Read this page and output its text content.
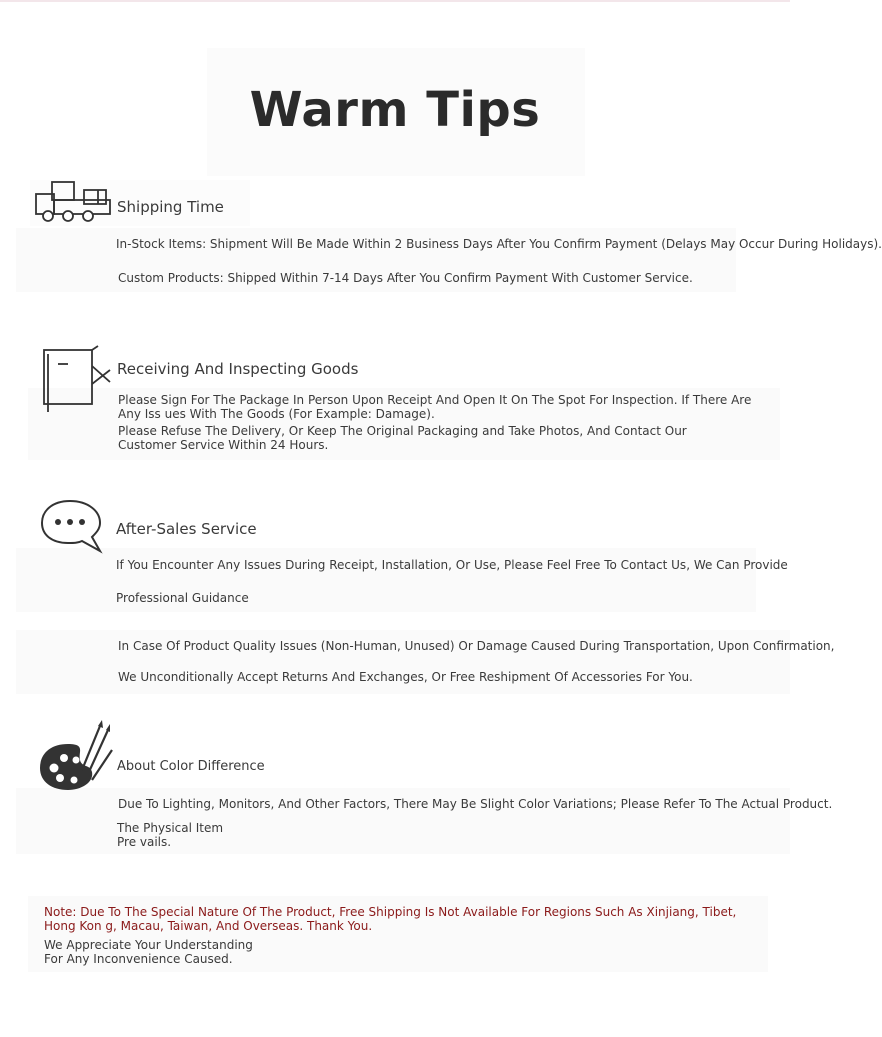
Warm Tips
Shipping Time
In-Stock Items: Shipment Will Be Made Within 2 Business Days After You Confirm Payment (Delays May Occur During Holidays).
Custom Products: Shipped Within 7-14 Days After You Confirm Payment With Customer Service.
Receiving And Inspecting Goods
Please Sign For The Package In Person Upon Receipt And Open It On The Spot For Inspection. If There Are Any Iss ues With The Goods (For Example: Damage).
Please Refuse The Delivery, Or Keep The Original Packaging and Take Photos, And Contact Our Customer Service Within 24 Hours.
After-Sales Service
If You Encounter Any Issues During Receipt, Installation, Or Use, Please Feel Free To Contact Us, We Can Provide
Professional Guidance
In Case Of Product Quality Issues (Non-Human, Unused) Or Damage Caused During Transportation, Upon Confirmation,
We Unconditionally Accept Returns And Exchanges, Or Free Reshipment Of Accessories For You.
About Color Difference
Due To Lighting, Monitors, And Other Factors, There May Be Slight Color Variations; Please Refer To The Actual Product.
The Physical Item Pre vails.
Note: Due To The Special Nature Of The Product, Free Shipping Is Not Available For Regions Such As Xinjiang, Tibet, Hong Kon g, Macau, Taiwan, And Overseas. Thank You.
We Appreciate Your Understanding For Any Inconvenience Caused.
